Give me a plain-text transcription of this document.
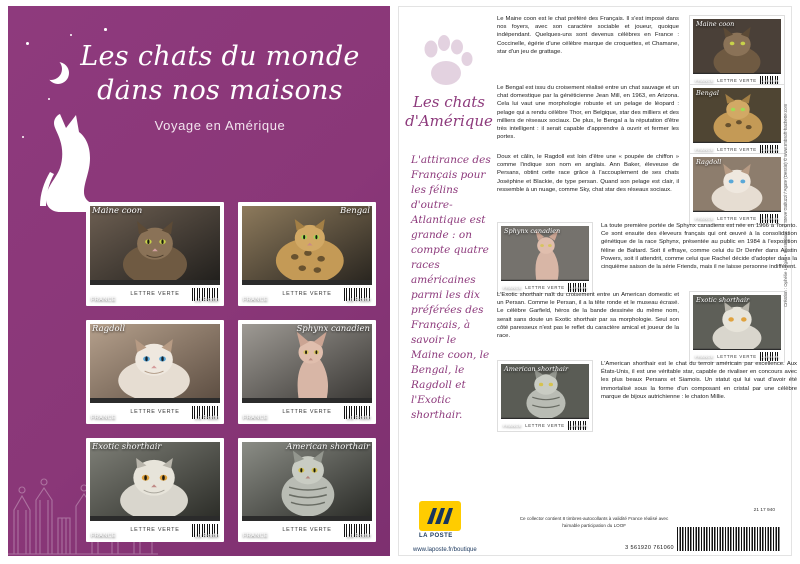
Les chats du monde
dans nos maisons
Voyage en Amérique
Maine coon
FRANCE	La Poste
LETTRE VERTE
Bengal
FRANCE	La Poste
LETTRE VERTE
Ragdoll
FRANCE	La Poste
LETTRE VERTE
Sphynx canadien
FRANCE	La Poste
LETTRE VERTE
Exotic shorthair
FRANCE	La Poste
LETTRE VERTE
American shorthair
FRANCE	La Poste
LETTRE VERTE
Les chats
d'Amérique
L'attirance des Français pour les félins d'outre-Atlantique est grande : on compte quatre races américaines parmi les dix préférées des Français, à savoir le Maine coon, le Bengal, le Ragdoll et l'Exotic shorthair.
Maine coon
FRANCE	La Poste
LETTRE VERTE
Le Maine coon est le chat préféré des Français. Il s'est imposé dans nos foyers, avec son caractère sociable et joueur, quoique indépendant. Quelques-uns sont devenus célèbres en France : Coccinelle, égérie d'une célèbre marque de croquettes, et Chamane, star d'un jeu de grattage.
Bengal
FRANCE	La Poste
LETTRE VERTE
Le Bengal est issu du croisement réalisé entre un chat sauvage et un chat domestique par la généticienne Jean Mill, en 1963, en Arizona. Cela lui vaut une morphologie robuste et un pelage de léopard : pelage qui a rendu célèbre Thor, en Belgique, star des milliers et des milliers de réseaux sociaux. De plus, le Bengal a la réputation d'être très intelligent : il serait capable d'apprendre à ouvrir et fermer les portes.
Ragdoll
FRANCE	La Poste
LETTRE VERTE
Doux et câlin, le Ragdoll est loin d'être une « poupée de chiffon » comme l'indique son nom en anglais. Ann Baker, éleveuse de Persans, obtint cette race grâce à l'accouplement de ses chats Joséphine et Blackie, de type persan. Quand son pelage est clair, il ressemble à un nuage, comme Sky, chat star des réseaux sociaux.
Sphynx canadien
FRANCE	La Poste
LETTRE VERTE
La toute première portée de Sphynx canadiens est née en 1966 à Toronto. Ce sont ensuite des éleveurs français qui ont œuvré à la consolidation génétique de la race Sphynx, présentée au public en 1984 à l'exposition féline de Baltard. Soit il effraye, comme celui du Dr Denfer dans Austin Powers, soit il attendrit, comme celui que Rachel décide d'adopter dans la cinquième saison de la série Friends, mais il ne laisse personne indifférent.
Exotic shorthair
FRANCE	La Poste
LETTRE VERTE
L'Exotic shorthair naît du croisement entre un American domestic et un Persan. Comme le Persan, il a la tête ronde et le museau écrasé. Le célèbre Garfield, héros de la bande dessinée du même nom, serait sans doute un Exotic shorthair par sa morphologie. Seul son côté paresseux n'est pas le reflet du caractère amical et joueur de la race.
American shorthair
FRANCE	La Poste
LETTRE VERTE
L'American shorthair est le chat du terroir américain par excellence. Aux États-Unis, il est une véritable star, capable de rivaliser en concours avec les plus beaux Persans et Siamois. Un statut qui lui vaut d'avoir été immortalisé sous la forme d'un composant en cristal par une célèbre marque de bijoux autrichienne : le chaton Millie.
Création : Ophélie Liogier • Illustrations : © Steve Galluzzi / Agate (Dessin) © www.rmbsoft-hachette.com
LA POSTE
www.laposte.fr/boutique
Ce collector contient 8 timbres-autocollants à validité France réalisé avec l'aimable participation du LOOF
21 17 940
3 561920 761060
